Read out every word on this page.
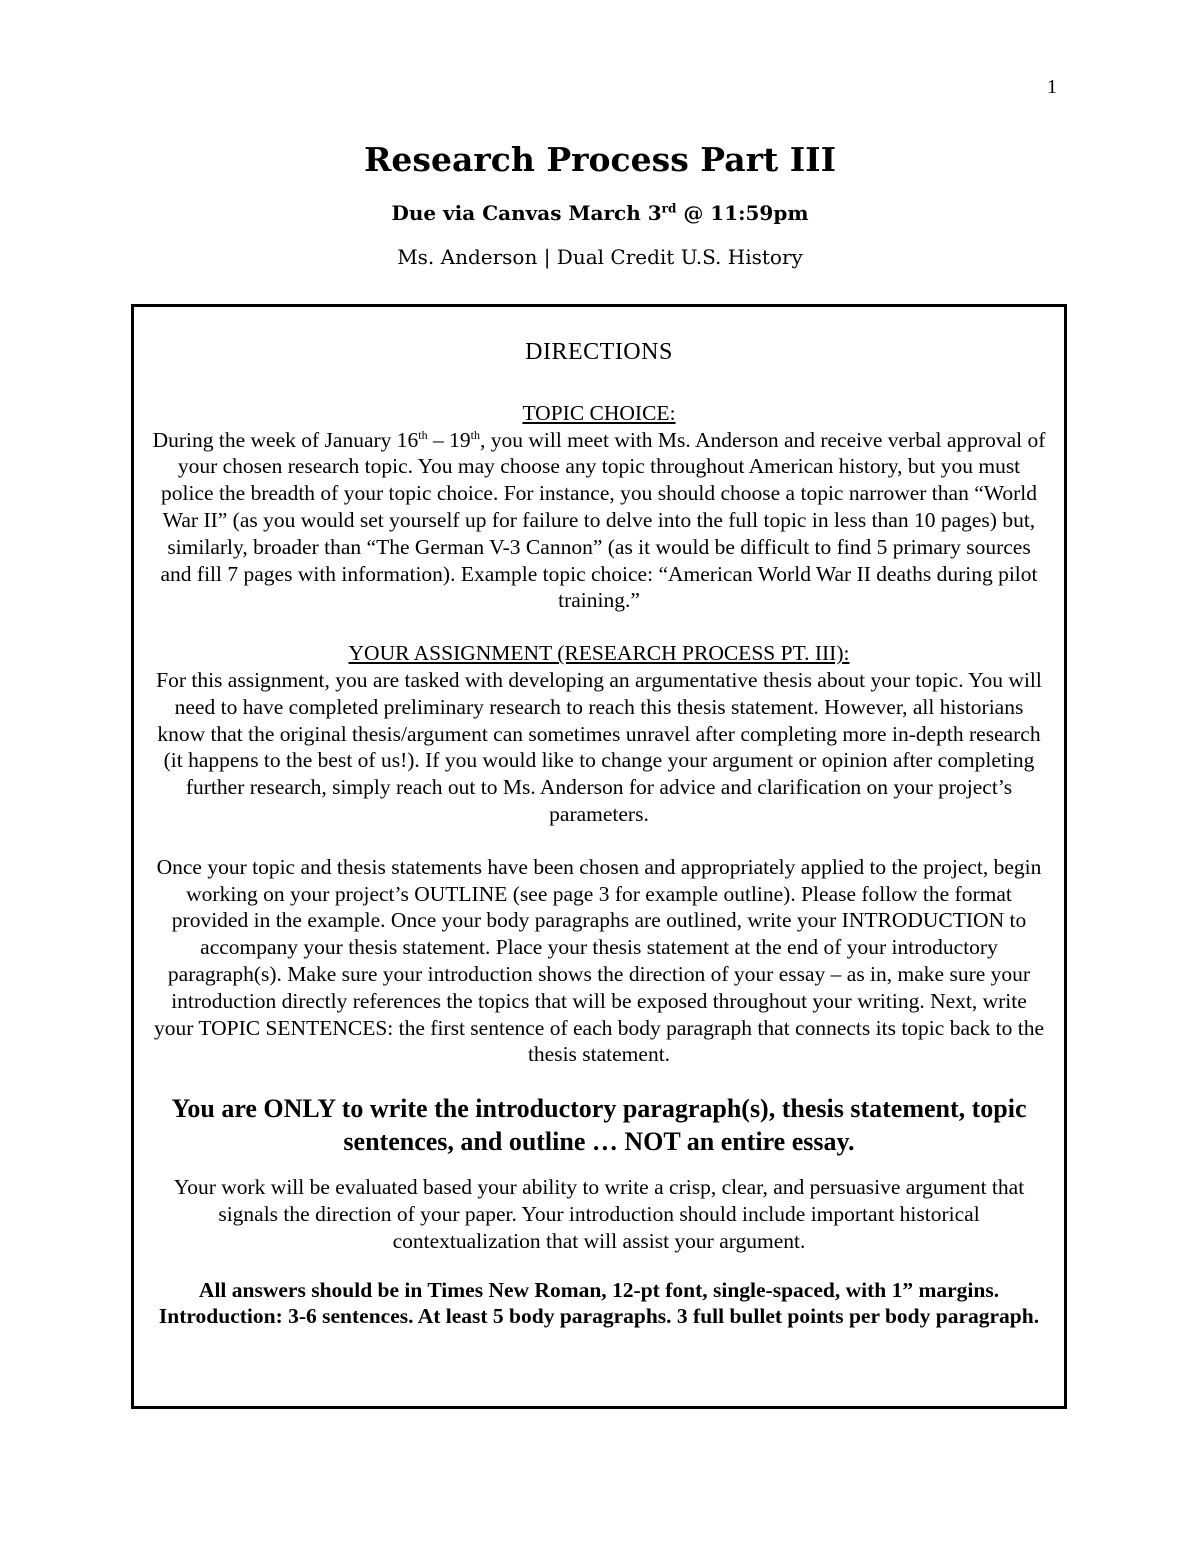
1
Research Process Part III

Due via Canvas March 3rd @ 11:59pm

Ms. Anderson | Dual Credit U.S. History

DIRECTIONS
TOPIC CHOICE:

During the week of January 16th – 19th, you will meet with Ms. Anderson and receive verbal approval of your chosen research topic. You may choose any topic throughout American history, but you must police the breadth of your topic choice. For instance, you should choose a topic narrower than “World War II” (as you would set yourself up for failure to delve into the full topic in less than 10 pages) but, similarly, broader than “The German V-3 Cannon” (as it would be difficult to find 5 primary sources and fill 7 pages with information). Example topic choice: “American World War II deaths during pilot training.”

YOUR ASSIGNMENT (RESEARCH PROCESS PT. III):

For this assignment, you are tasked with developing an argumentative thesis about your topic. You will need to have completed preliminary research to reach this thesis statement. However, all historians know that the original thesis/argument can sometimes unravel after completing more in-depth research (it happens to the best of us!). If you would like to change your argument or opinion after completing further research, simply reach out to Ms. Anderson for advice and clarification on your project’s parameters.

Once your topic and thesis statements have been chosen and appropriately applied to the project, begin working on your project’s OUTLINE (see page 3 for example outline). Please follow the format provided in the example. Once your body paragraphs are outlined, write your INTRODUCTION to accompany your thesis statement. Place your thesis statement at the end of your introductory paragraph(s). Make sure your introduction shows the direction of your essay – as in, make sure your introduction directly references the topics that will be exposed throughout your writing. Next, write your TOPIC SENTENCES: the first sentence of each body paragraph that connects its topic back to the thesis statement.

You are ONLY to write the introductory paragraph(s), thesis statement, topic sentences, and outline … NOT an entire essay.

Your work will be evaluated based your ability to write a crisp, clear, and persuasive argument that signals the direction of your paper. Your introduction should include important historical contextualization that will assist your argument.

All answers should be in Times New Roman, 12-pt font, single-spaced, with 1” margins. Introduction: 3-6 sentences. At least 5 body paragraphs. 3 full bullet points per body paragraph.
